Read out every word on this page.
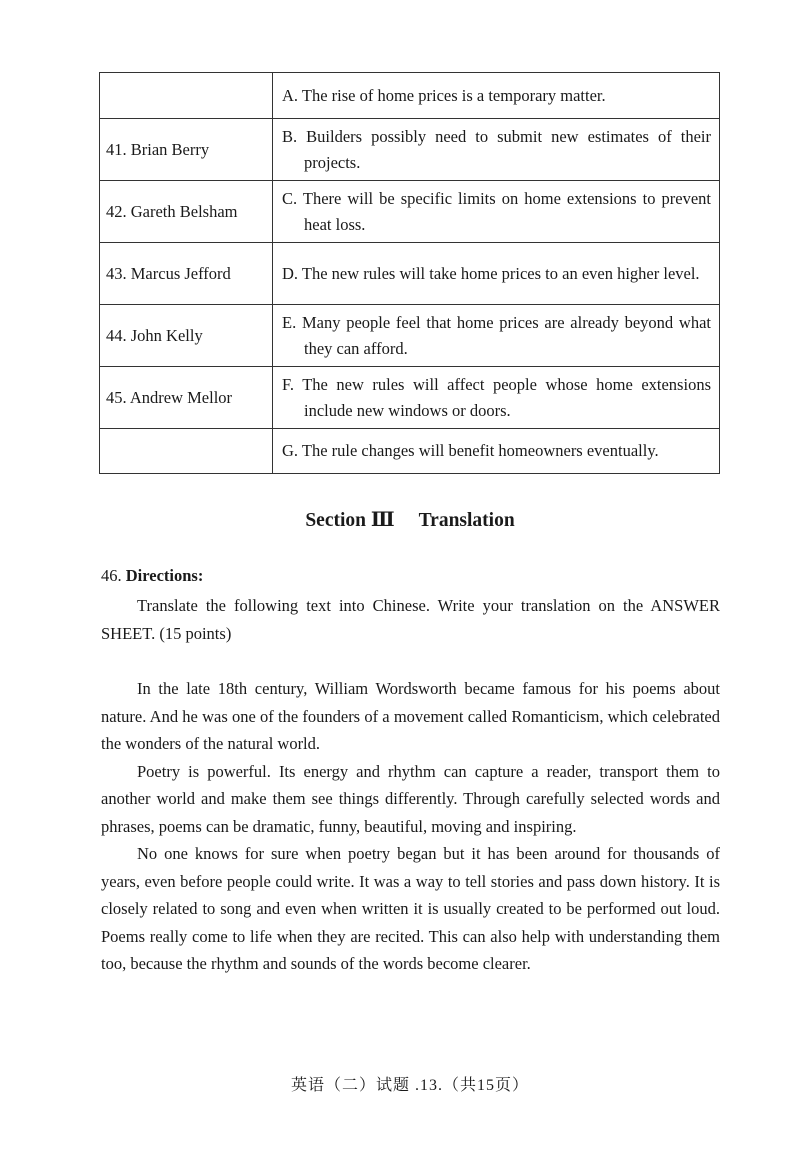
	A. The rise of home prices is a temporary matter.

41. Brian Berry	B. Builders possibly need to submit new estimates of their projects.

42. Gareth Belsham	C. There will be specific limits on home extensions to prevent heat loss.

43. Marcus Jefford	D. The new rules will take home prices to an even higher level.

44. John Kelly	E. Many people feel that home prices are already beyond what they can afford.

45. Andrew Mellor	F. The new rules will affect people whose home extensions include new windows or doors.

	G. The rule changes will benefit homeowners eventually.
Section Ⅲ Translation
46. Directions:

Translate the following text into Chinese. Write your translation on the ANSWER SHEET. (15 points)

In the late 18th century, William Wordsworth became famous for his poems about nature. And he was one of the founders of a movement called Romanticism, which celebrated the wonders of the natural world.

Poetry is powerful. Its energy and rhythm can capture a reader, transport them to another world and make them see things differently. Through carefully selected words and phrases, poems can be dramatic, funny, beautiful, moving and inspiring.

No one knows for sure when poetry began but it has been around for thousands of years, even before people could write. It was a way to tell stories and pass down history. It is closely related to song and even when written it is usually created to be performed out loud. Poems really come to life when they are recited. This can also help with understanding them too, because the rhythm and sounds of the words become clearer.

英语（二）试题 .13.（共15页）
